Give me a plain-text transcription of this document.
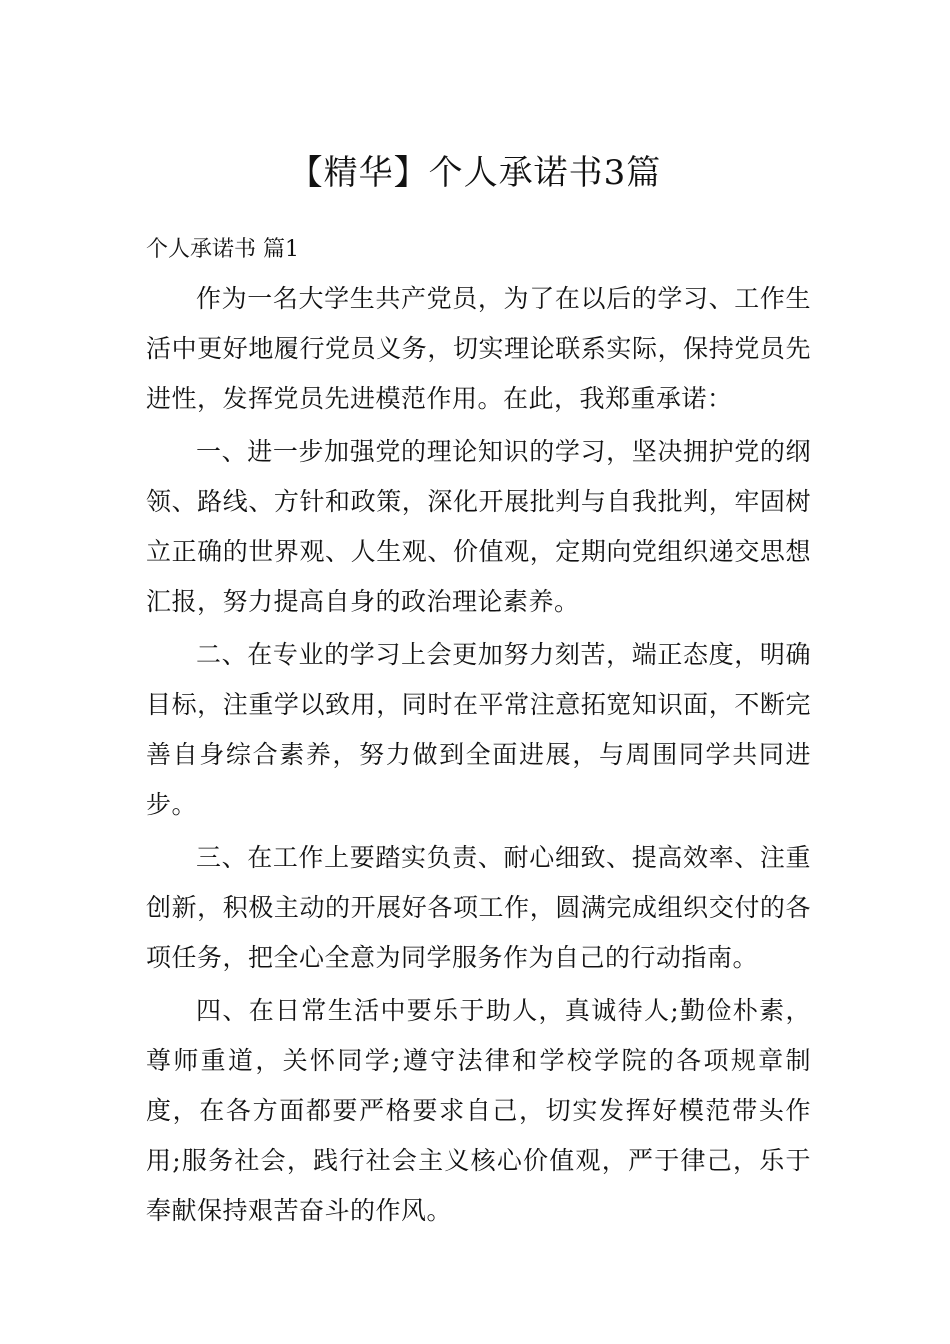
【精华】个人承诺书3篇
个人承诺书 篇1

作为一名大学生共产党员，为了在以后的学习、工作生活中更好地履行党员义务，切实理论联系实际，保持党员先进性，发挥党员先进模范作用。在此，我郑重承诺：

一、进一步加强党的理论知识的学习，坚决拥护党的纲领、路线、方针和政策，深化开展批判与自我批判，牢固树立正确的世界观、人生观、价值观，定期向党组织递交思想汇报，努力提高自身的政治理论素养。

二、在专业的学习上会更加努力刻苦，端正态度，明确目标，注重学以致用，同时在平常注意拓宽知识面，不断完善自身综合素养，努力做到全面进展，与周围同学共同进步。

三、在工作上要踏实负责、耐心细致、提高效率、注重创新，积极主动的开展好各项工作，圆满完成组织交付的各项任务，把全心全意为同学服务作为自己的行动指南。

四、在日常生活中要乐于助人，真诚待人;勤俭朴素，尊师重道，关怀同学;遵守法律和学校学院的各项规章制度，在各方面都要严格要求自己，切实发挥好模范带头作用;服务社会，践行社会主义核心价值观，严于律己，乐于奉献保持艰苦奋斗的作风。
